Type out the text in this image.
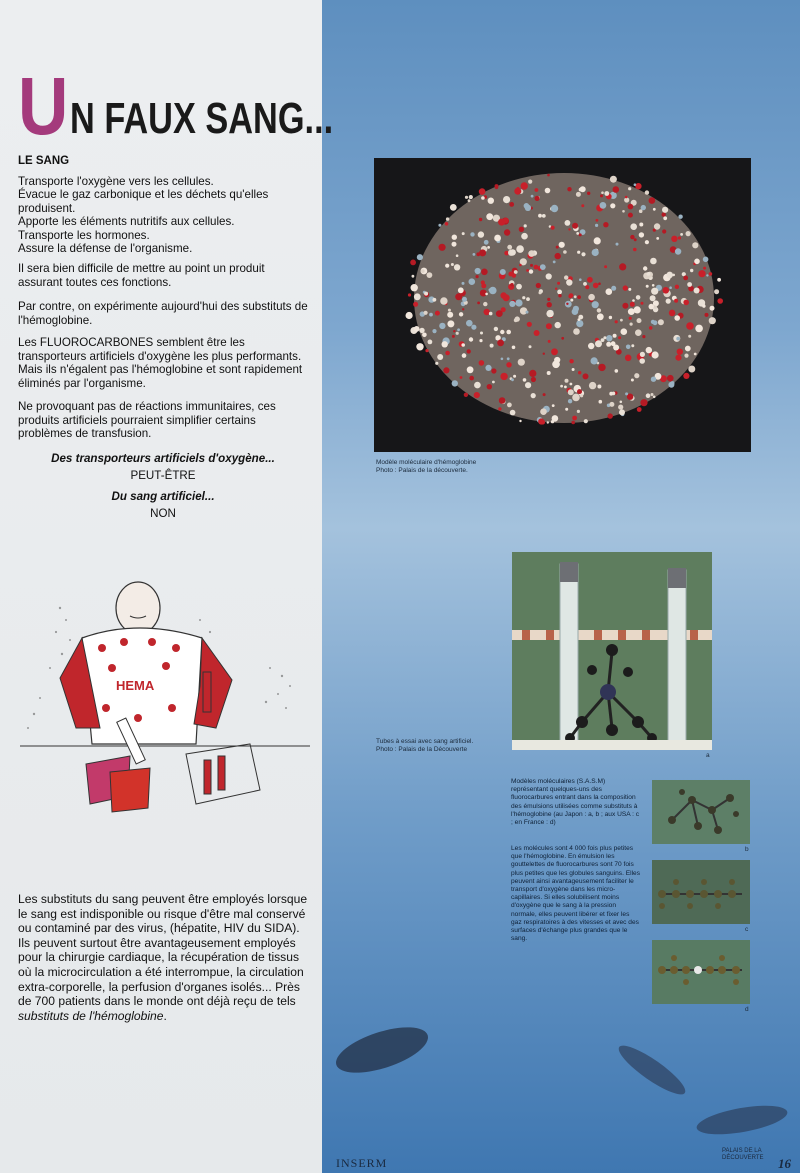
U N FAUX SANG...
LE SANG
Transporte l'oxygène vers les cellules.
Évacue le gaz carbonique et les déchets qu'elles
produisent.
Apporte les éléments nutritifs aux cellules.
Transporte les hormones.
Assure la défense de l'organisme.
Il sera bien difficile de mettre au point un produit assurant toutes ces fonctions.
Par contre, on expérimente aujourd'hui des substituts de l'hémoglobine.
Les FLUOROCARBONES semblent être les transporteurs artificiels d'oxygène les plus performants. Mais ils n'égalent pas l'hémoglobine et sont rapidement éliminés par l'organisme.
Ne provoquant pas de réactions immunitaires, ces produits artificiels pourraient simplifier certains problèmes de transfusion.
Des transporteurs artificiels d'oxygène...
PEUT-ÊTRE
Du sang artificiel...
NON
HEMA
Les substituts du sang peuvent être employés lorsque le sang est indisponible ou risque d'être mal conservé ou contaminé par des virus, (hépatite, HIV du SIDA). Ils peuvent surtout être avantageusement employés pour la chirurgie cardiaque, la récupération de tissus où la microcirculation a été interrompue, la circulation extra-corporelle, la perfusion d'organes isolés... Près de 700 patients dans le monde ont déjà reçu de tels substituts de l'hémoglobine.
Modèle moléculaire d'hémoglobine
Photo : Palais de la découverte.
Tubes à essai avec sang artificiel.
Photo : Palais de la Découverte
a
Modèles moléculaires (S.A.S.M) représentant quelques-uns des fluorocarbures entrant dans la composition des émulsions utilisées comme substituts à l'hémoglobine (au Japon : a, b ; aux USA : c ; en France : d)
Les molécules sont 4 000 fois plus petites que l'hémoglobine. En émulsion les gouttelettes de fluorocarbures sont 70 fois plus petites que les globules sanguins. Elles peuvent ainsi avantageusement faciliter le transport d'oxygène dans les micro-capillaires. Si elles solubilisent moins d'oxygène que le sang à la pression normale, elles peuvent libérer et fixer les gaz respiratoires à des vitesses et avec des surfaces d'échange plus grandes que le sang.
b
c
d
INSERM
PALAIS DE LA DÉCOUVERTE	16
